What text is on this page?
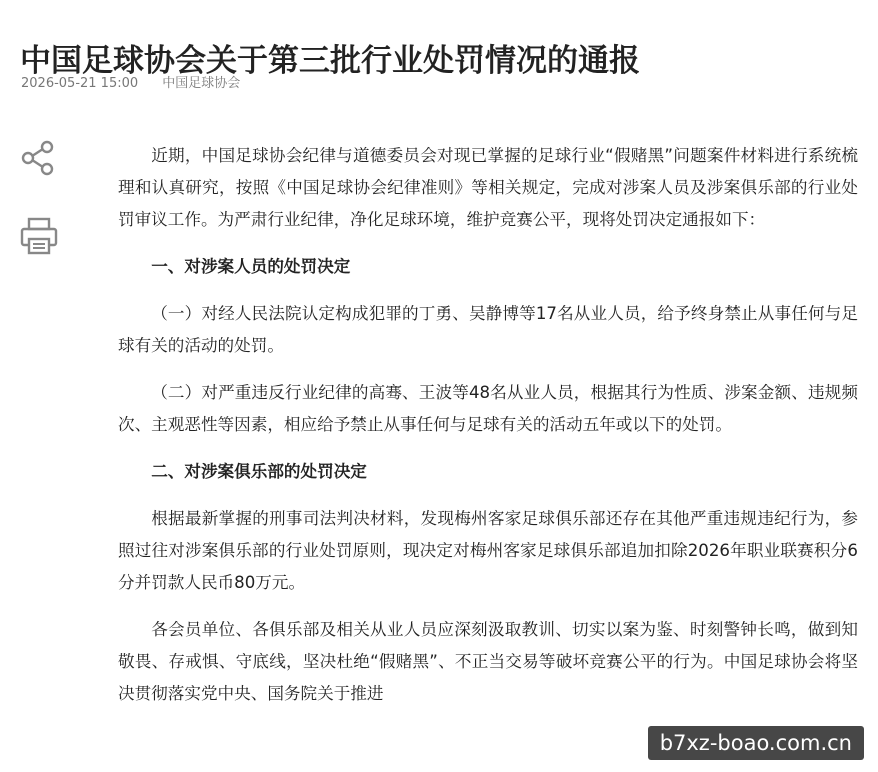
中国足球协会关于第三批行业处罚情况的通报
2026-05-21 15:00 中国足球协会

近期，中国足球协会纪律与道德委员会对现已掌握的足球行业“假赌黑”问题案件材料进行系统梳理和认真研究，按照《中国足球协会纪律准则》等相关规定，完成对涉案人员及涉案俱乐部的行业处罚审议工作。为严肃行业纪律，净化足球环境，维护竞赛公平，现将处罚决定通报如下：

一、对涉案人员的处罚决定

（一）对经人民法院认定构成犯罪的丁勇、吴静博等17名从业人员，给予终身禁止从事任何与足球有关的活动的处罚。

（二）对严重违反行业纪律的高骞、王波等48名从业人员，根据其行为性质、涉案金额、违规频次、主观恶性等因素，相应给予禁止从事任何与足球有关的活动五年或以下的处罚。

二、对涉案俱乐部的处罚决定

根据最新掌握的刑事司法判决材料，发现梅州客家足球俱乐部还存在其他严重违规违纪行为，参照过往对涉案俱乐部的行业处罚原则，现决定对梅州客家足球俱乐部追加扣除2026年职业联赛积分6分并罚款人民币80万元。

各会员单位、各俱乐部及相关从业人员应深刻汲取教训、切实以案为鉴、时刻警钟长鸣，做到知敬畏、存戒惧、守底线，坚决杜绝“假赌黑”、不正当交易等破坏竞赛公平的行为。中国足球协会将坚决贯彻落实党中央、国务院关于推进

b7xz-boao.com.cn
